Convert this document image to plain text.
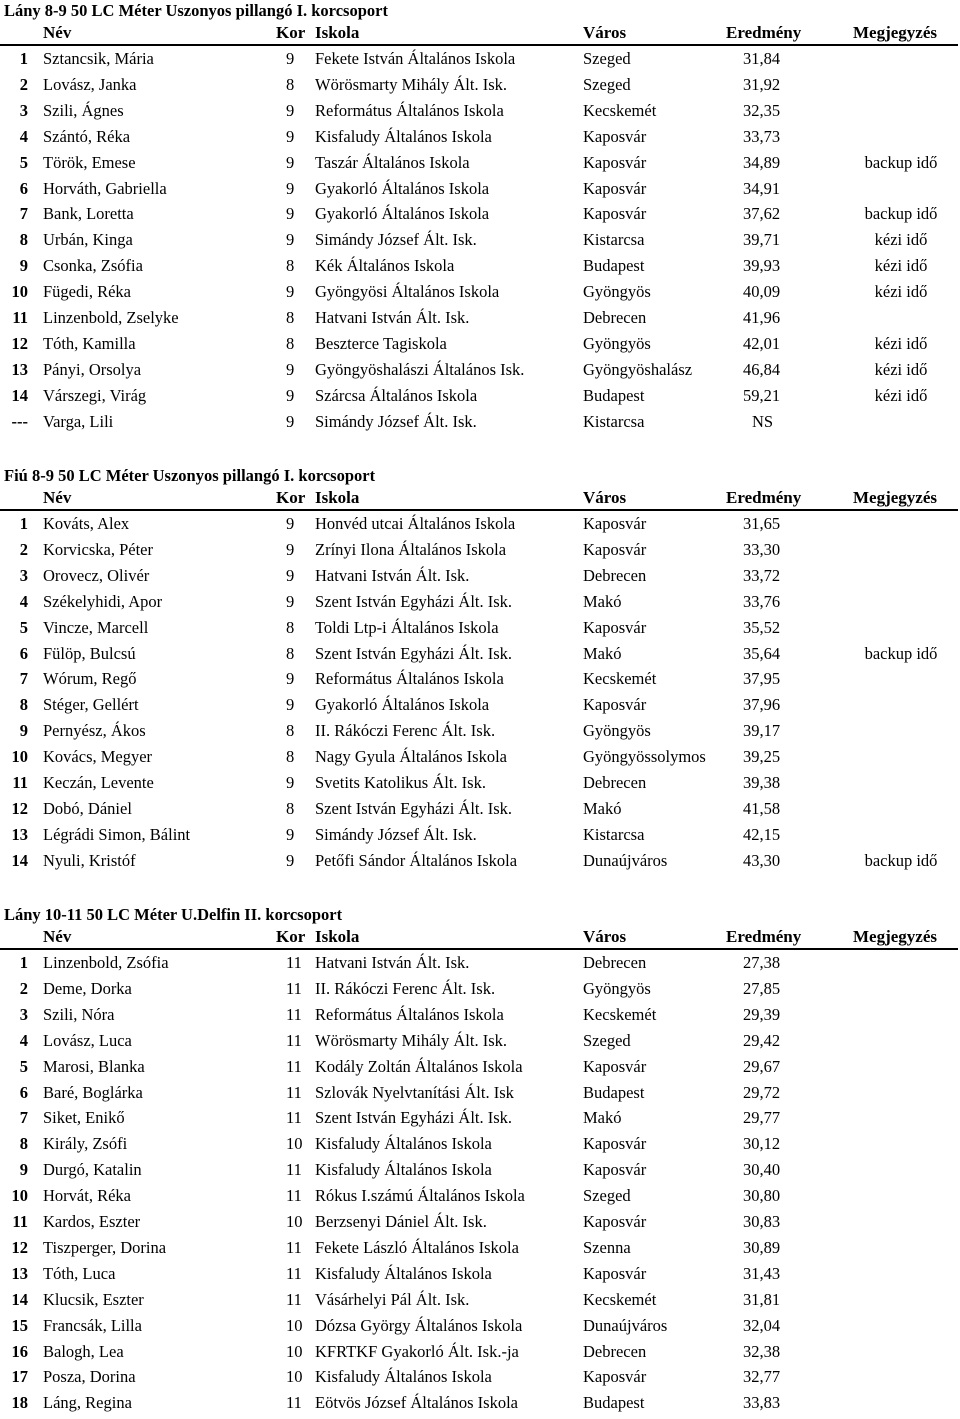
Lány 8-9 50 LC Méter Uszonyos pillangó I. korcsoport
Név	Kor Iskola	Város	Eredmény	Megjegyzés
1 Sztancsik, Mária	9 Fekete István Általános Iskola	Szeged	31,84
2 Lovász, Janka	8 Wörösmarty Mihály Ált. Isk.	Szeged	31,92
3 Szili, Ágnes	9 Református Általános Iskola	Kecskemét	32,35
4 Szántó, Réka	9 Kisfaludy Általános Iskola	Kaposvár	33,73
5 Török, Emese	9 Taszár Általános Iskola	Kaposvár	34,89	backup idő
6 Horváth, Gabriella	9 Gyakorló Általános Iskola	Kaposvár	34,91
7 Bank, Loretta	9 Gyakorló Általános Iskola	Kaposvár	37,62	backup idő
8 Urbán, Kinga	9 Simándy József Ált. Isk.	Kistarcsa	39,71	kézi idő
9 Csonka, Zsófia	8 Kék Általános Iskola	Budapest	39,93	kézi idő
10 Fügedi, Réka	9 Gyöngyösi Általános Iskola	Gyöngyös	40,09	kézi idő
11 Linzenbold, Zselyke	8 Hatvani István Ált. Isk.	Debrecen	41,96
12 Tóth, Kamilla	8 Beszterce Tagiskola	Gyöngyös	42,01	kézi idő
13 Pányi, Orsolya	9 Gyöngyöshalászi Általános Isk.	Gyöngyöshalász	46,84	kézi idő
14 Várszegi, Virág	9 Szárcsa Általános Iskola	Budapest	59,21	kézi idő
--- Varga, Lili	9 Simándy József Ált. Isk.	Kistarcsa	NS
Fiú 8-9 50 LC Méter Uszonyos pillangó I. korcsoport
Név	Kor Iskola	Város	Eredmény	Megjegyzés
1 Kováts, Alex	9 Honvéd utcai Általános Iskola	Kaposvár	31,65
2 Korvicska, Péter	9 Zrínyi Ilona Általános Iskola	Kaposvár	33,30
3 Orovecz, Olivér	9 Hatvani István Ált. Isk.	Debrecen	33,72
4 Székelyhidi, Apor	9 Szent István Egyházi Ált. Isk.	Makó	33,76
5 Vincze, Marcell	8 Toldi Ltp-i Általános Iskola	Kaposvár	35,52
6 Fülöp, Bulcsú	8 Szent István Egyházi Ált. Isk.	Makó	35,64	backup idő
7 Wórum, Regő	9 Református Általános Iskola	Kecskemét	37,95
8 Stéger, Gellért	9 Gyakorló Általános Iskola	Kaposvár	37,96
9 Pernyész, Ákos	8 II. Rákóczi Ferenc Ált. Isk.	Gyöngyös	39,17
10 Kovács, Megyer	8 Nagy Gyula Általános Iskola	Gyöngyössolymos 39,25
11 Keczán, Levente	9 Svetits Katolikus Ált. Isk.	Debrecen	39,38
12 Dobó, Dániel	8 Szent István Egyházi Ált. Isk.	Makó	41,58
13 Légrádi Simon, Bálint	9 Simándy József Ált. Isk.	Kistarcsa	42,15
14 Nyuli, Kristóf	9 Petőfi Sándor Általános Iskola	Dunaújváros	43,30	backup idő
Lány 10-11 50 LC Méter U.Delfin II. korcsoport
Név	Kor Iskola	Város	Eredmény	Megjegyzés
1 Linzenbold, Zsófia	11 Hatvani István Ált. Isk.	Debrecen	27,38
2 Deme, Dorka	11 II. Rákóczi Ferenc Ált. Isk.	Gyöngyös	27,85
3 Szili, Nóra	11 Református Általános Iskola	Kecskemét	29,39
4 Lovász, Luca	11 Wörösmarty Mihály Ált. Isk.	Szeged	29,42
5 Marosi, Blanka	11 Kodály Zoltán Általános Iskola	Kaposvár	29,67
6 Baré, Boglárka	11 Szlovák Nyelvtanítási Ált. Isk	Budapest	29,72
7 Siket, Enikő	11 Szent István Egyházi Ált. Isk.	Makó	29,77
8 Király, Zsófi	10 Kisfaludy Általános Iskola	Kaposvár	30,12
9 Durgó, Katalin	11 Kisfaludy Általános Iskola	Kaposvár	30,40
10 Horvát, Réka	11 Rókus I.számú Általános Iskola	Szeged	30,80
11 Kardos, Eszter	10 Berzsenyi Dániel Ált. Isk.	Kaposvár	30,83
12 Tiszperger, Dorina	11 Fekete László Általános Iskola	Szenna	30,89
13 Tóth, Luca	11 Kisfaludy Általános Iskola	Kaposvár	31,43
14 Klucsik, Eszter	11 Vásárhelyi Pál Ált. Isk.	Kecskemét	31,81
15 Francsák, Lilla	10 Dózsa György Általános Iskola	Dunaújváros	32,04
16 Balogh, Lea	10 KFRTKF Gyakorló Ált. Isk.-ja	Debrecen	32,38
17 Posza, Dorina	10 Kisfaludy Általános Iskola	Kaposvár	32,77
18 Láng, Regina	11 Eötvös József Általános Iskola	Budapest	33,83
